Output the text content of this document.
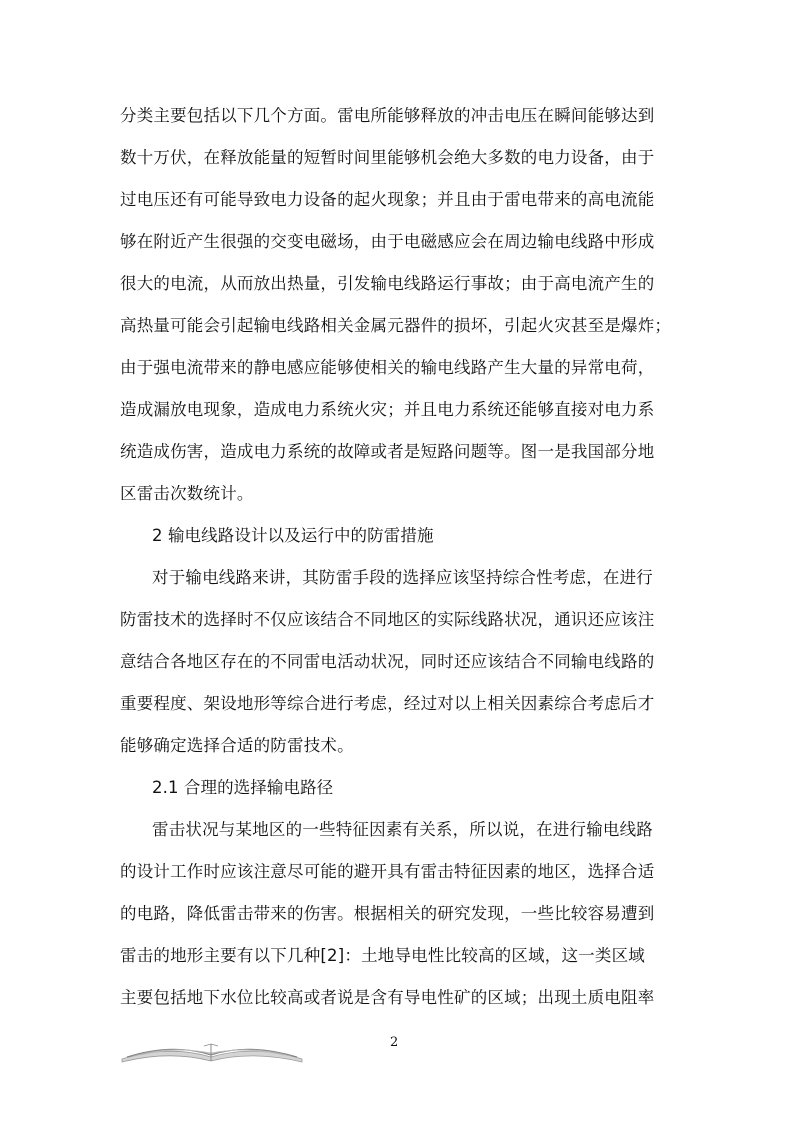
分类主要包括以下几个方面。雷电所能够释放的冲击电压在瞬间能够达到
数十万伏，在释放能量的短暂时间里能够机会绝大多数的电力设备，由于
过电压还有可能导致电力设备的起火现象；并且由于雷电带来的高电流能
够在附近产生很强的交变电磁场，由于电磁感应会在周边输电线路中形成
很大的电流，从而放出热量，引发输电线路运行事故；由于高电流产生的
高热量可能会引起输电线路相关金属元器件的损坏，引起火灾甚至是爆炸；
由于强电流带来的静电感应能够使相关的输电线路产生大量的异常电荷，
造成漏放电现象，造成电力系统火灾；并且电力系统还能够直接对电力系
统造成伤害，造成电力系统的故障或者是短路问题等。图一是我国部分地
区雷击次数统计。
2 输电线路设计以及运行中的防雷措施
对于输电线路来讲，其防雷手段的选择应该坚持综合性考虑，在进行
防雷技术的选择时不仅应该结合不同地区的实际线路状况，通识还应该注
意结合各地区存在的不同雷电活动状况，同时还应该结合不同输电线路的
重要程度、架设地形等综合进行考虑，经过对以上相关因素综合考虑后才
能够确定选择合适的防雷技术。
2.1 合理的选择输电路径
雷击状况与某地区的一些特征因素有关系，所以说，在进行输电线路
的设计工作时应该注意尽可能的避开具有雷击特征因素的地区，选择合适
的电路，降低雷击带来的伤害。根据相关的研究发现，一些比较容易遭到
雷击的地形主要有以下几种[2]：土地导电性比较高的区域，这一类区域
主要包括地下水位比较高或者说是含有导电性矿的区域；出现土质电阻率
2
